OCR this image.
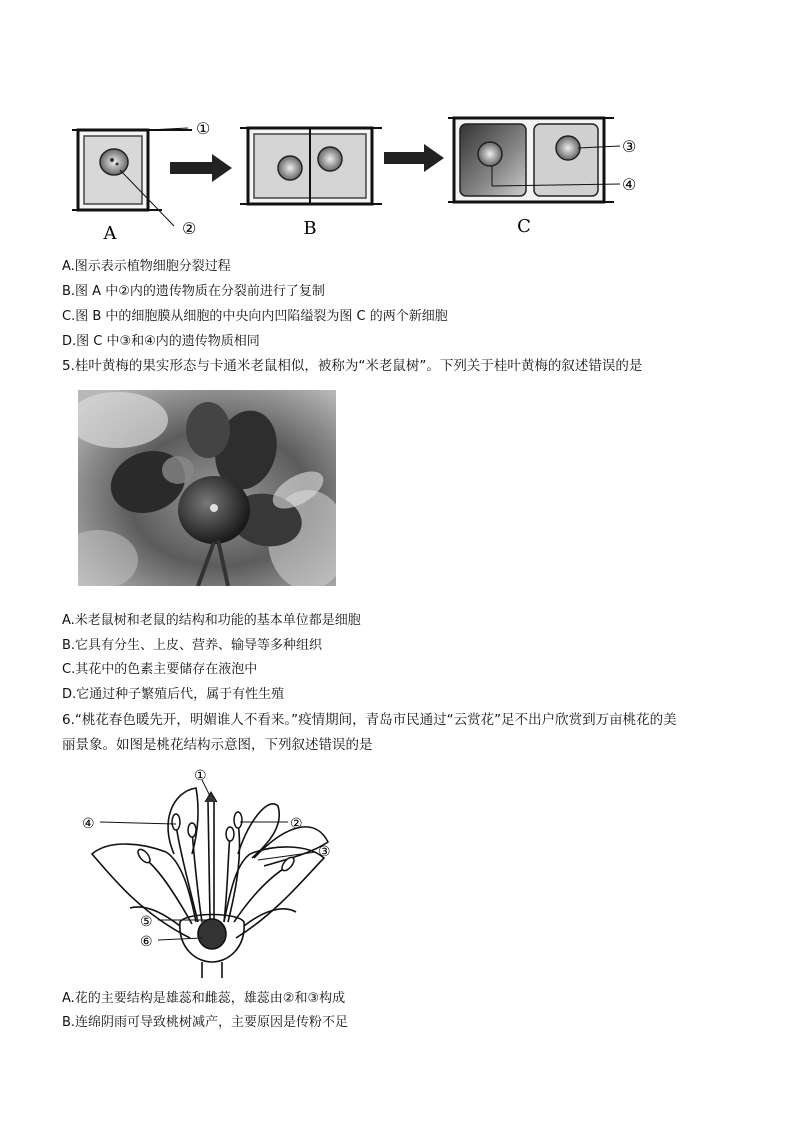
A	B	C
①
②
③
④
A.图示表示植物细胞分裂过程
B.图 A 中②内的遗传物质在分裂前进行了复制
C.图 B 中的细胞膜从细胞的中央向内凹陷缢裂为图 C 的两个新细胞
D.图 C 中③和④内的遗传物质相同
5.桂叶黄梅的果实形态与卡通米老鼠相似，被称为“米老鼠树”。下列关于桂叶黄梅的叙述错误的是
A.米老鼠树和老鼠的结构和功能的基本单位都是细胞
B.它具有分生、上皮、营养、输导等多种组织
C.其花中的色素主要储存在液泡中
D.它通过种子繁殖后代，属于有性生殖
6.“桃花春色暖先开，明媚谁人不看来。”疫情期间，青岛市民通过“云赏花”足不出户欣赏到万亩桃花的美
丽景象。如图是桃花结构示意图，下列叙述错误的是
①
②
③
④
⑤
⑥
A.花的主要结构是雄蕊和雌蕊，雄蕊由②和③构成
B.连绵阴雨可导致桃树减产，主要原因是传粉不足
